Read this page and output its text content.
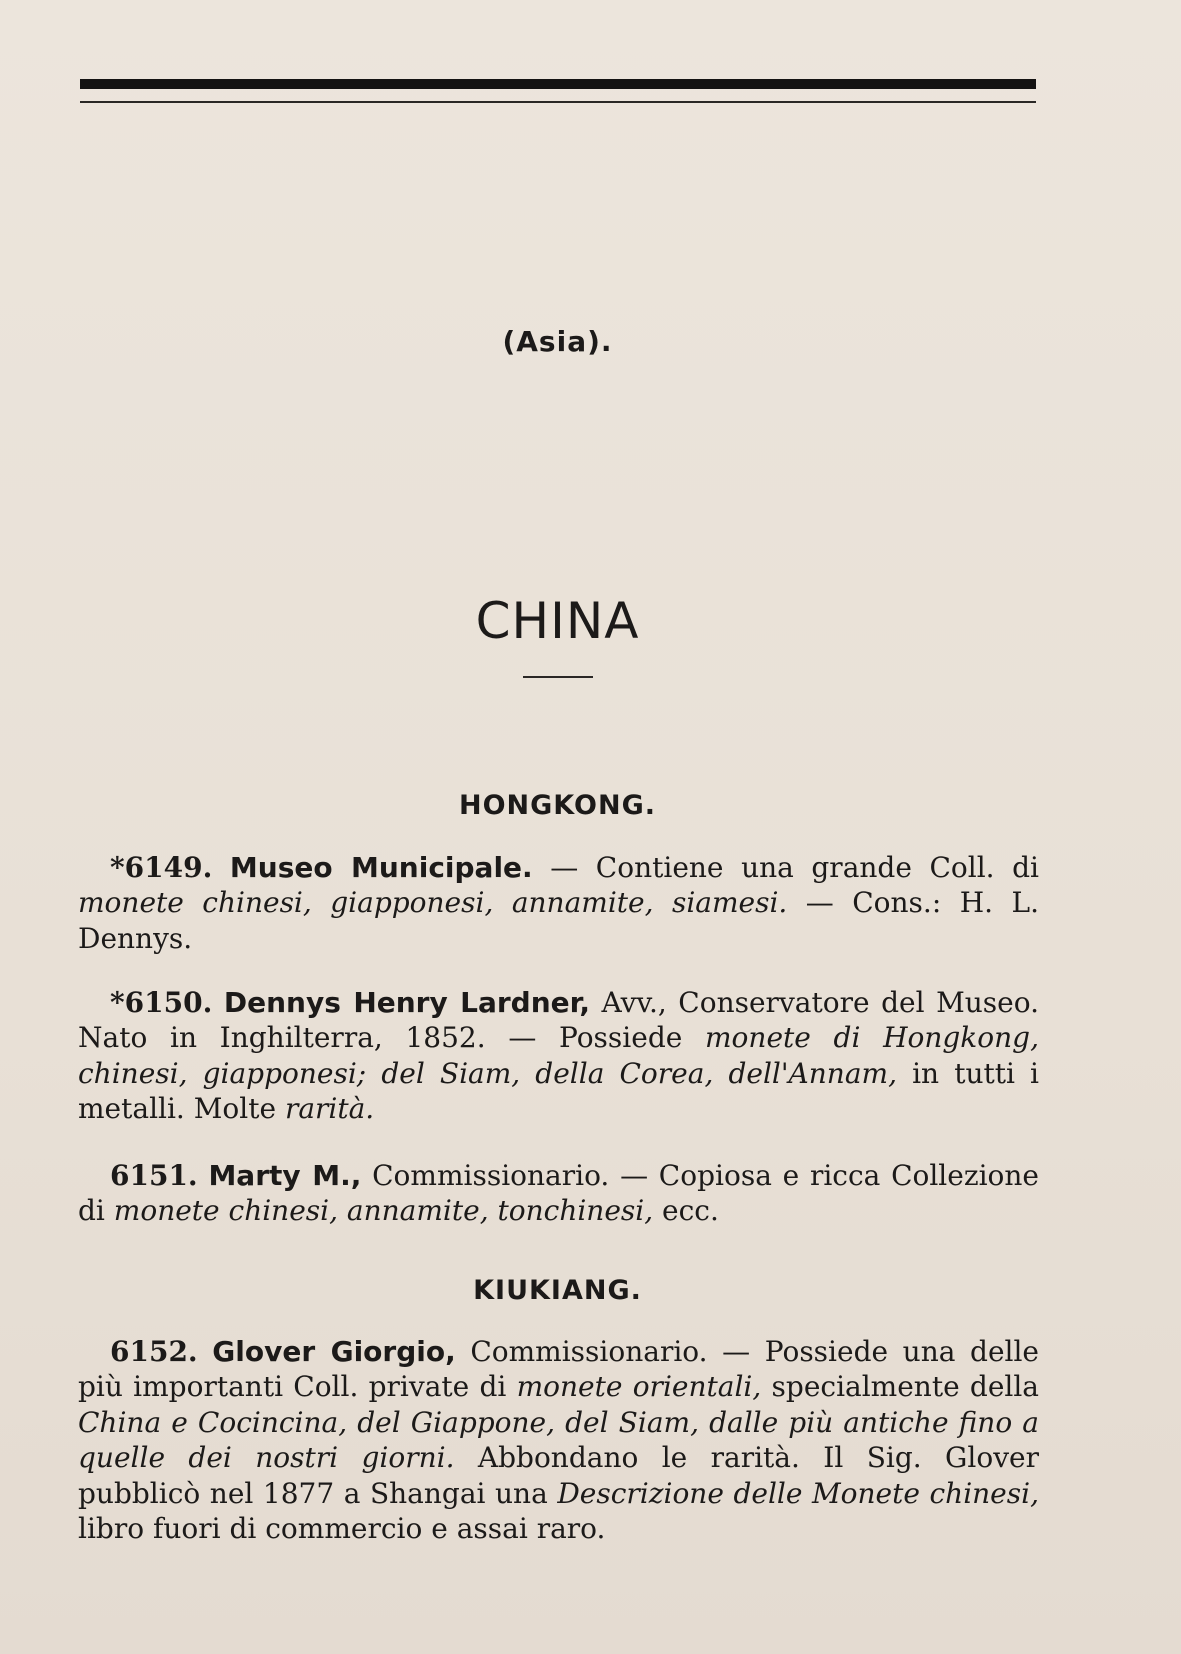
(Asia).
CHINA
HONGKONG.

*6149. Museo Municipale. — Contiene una grande Coll. di monete chinesi, giapponesi, annamite, siamesi. — Cons.: H. L. Dennys.

*6150. Dennys Henry Lardner, Avv., Conservatore del Museo. Nato in Inghilterra, 1852. — Possiede monete di Hongkong, chinesi, giapponesi; del Siam, della Corea, dell'Annam, in tutti i metalli. Molte rarità.

6151. Marty M., Commissionario. — Copiosa e ricca Collezione di monete chinesi, annamite, tonchinesi, ecc.

KIUKIANG.

6152. Glover Giorgio, Commissionario. — Possiede una delle più importanti Coll. private di monete orientali, specialmente della China e Cocincina, del Giappone, del Siam, dalle più antiche fino a quelle dei nostri giorni. Abbondano le rarità. Il Sig. Glover pubblicò nel 1877 a Shangai una Descrizione delle Monete chinesi, libro fuori di commercio e assai raro.
